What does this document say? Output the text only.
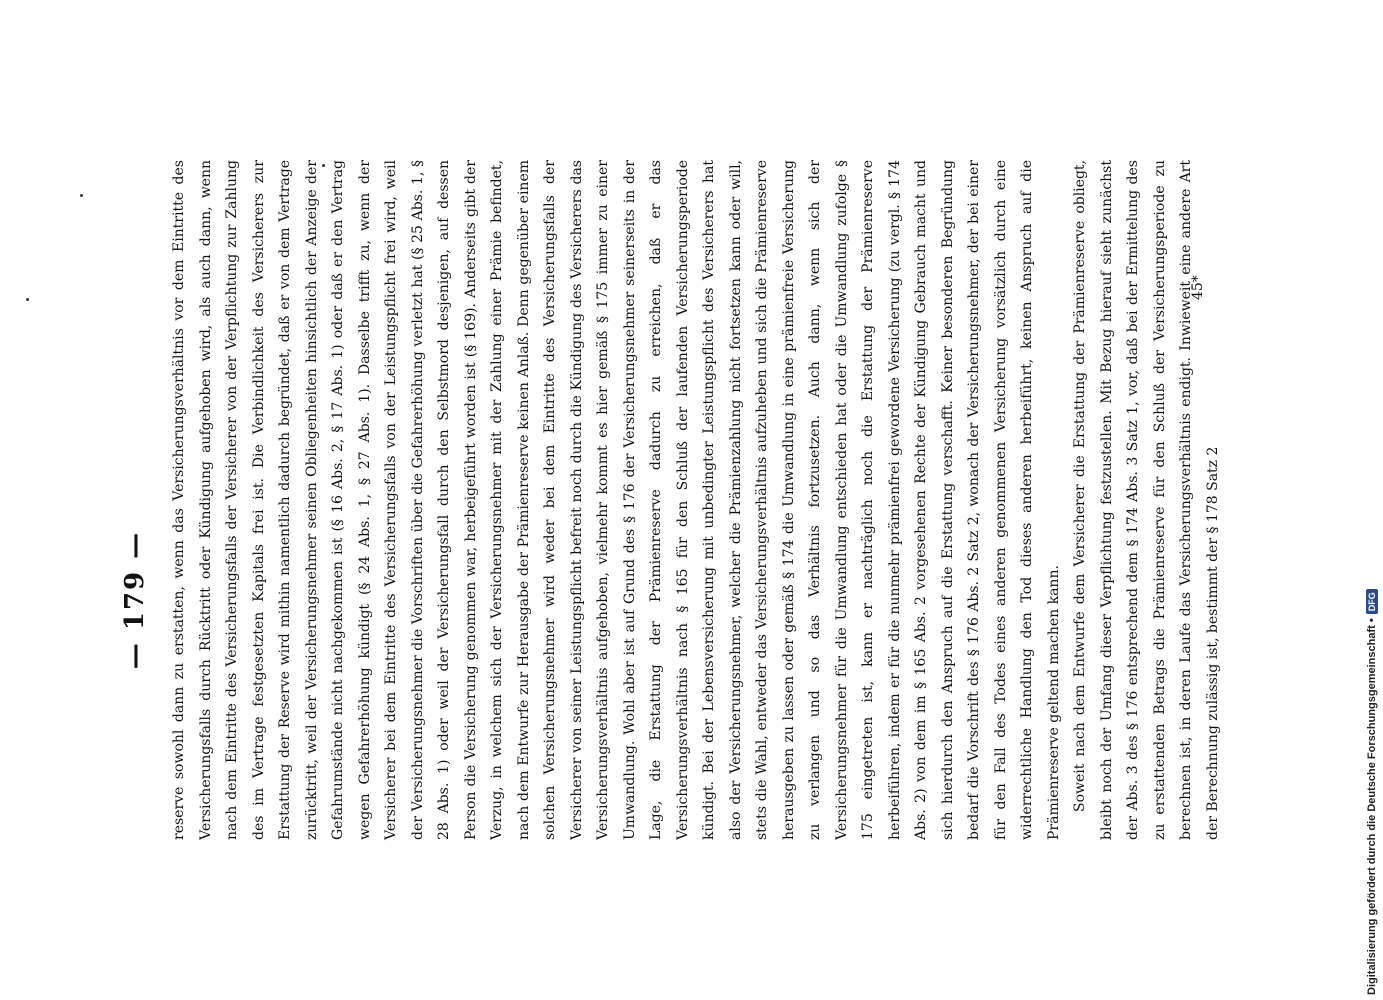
— 179 —	reserve sowohl dann zu erstatten, wenn das Versicherungsverhältnis vor dem Eintritte des Versicherungsfalls durch Rücktritt oder Kündigung aufgehoben wird, als auch dann, wenn nach dem Eintritte des Versicherungsfalls der Versicherer von der Verpflichtung zur Zahlung des im Vertrage festgesetzten Kapitals frei ist. Die Verbindlichkeit des Versicherers zur Erstattung der Reserve wird mithin namentlich dadurch begründet, daß er von dem Vertrage zurücktritt, weil der Versicherungsnehmer seinen Obliegenheiten hinsichtlich der Anzeige der Gefahrumstände nicht nachgekommen ist (§ 16 Abs. 2, § 17 Abs. 1) oder daß er den Vertrag wegen Gefahrerhöhung kündigt (§ 24 Abs. 1, § 27 Abs. 1). Dasselbe trifft zu, wenn der Versicherer bei dem Eintritte des Versicherungsfalls von der Leistungspflicht frei wird, weil der Versicherungsnehmer die Vorschriften über die Gefahrerhöhung verletzt hat (§ 25 Abs. 1, § 28 Abs. 1) oder weil der Versicherungsfall durch den Selbstmord desjenigen, auf dessen Person die Versicherung genommen war, herbeigeführt worden ist (§ 169). Anderseits gibt der Verzug, in welchem sich der Versicherungsnehmer mit der Zahlung einer Prämie befindet, nach dem Entwurfe zur Herausgabe der Prämienreserve keinen Anlaß. Denn gegenüber einem solchen Versicherungsnehmer wird weder bei dem Eintritte des Versicherungsfalls der Versicherer von seiner Leistungspflicht befreit noch durch die Kündigung des Versicherers das Versicherungsverhältnis aufgehoben, vielmehr kommt es hier gemäß § 175 immer zu einer Umwandlung. Wohl aber ist auf Grund des § 176 der Versicherungsnehmer seinerseits in der Lage, die Erstattung der Prämienreserve dadurch zu erreichen, daß er das Versicherungsverhältnis nach § 165 für den Schluß der laufenden Versicherungsperiode kündigt. Bei der Lebensversicherung mit unbedingter Leistungspflicht des Versicherers hat also der Versicherungsnehmer, welcher die Prämienzahlung nicht fortsetzen kann oder will, stets die Wahl, entweder das Versicherungsverhältnis aufzuheben und sich die Prämienreserve herausgeben zu lassen oder gemäß § 174 die Umwandlung in eine prämienfreie Versicherung zu verlangen und so das Verhältnis fortzusetzen. Auch dann, wenn sich der Versicherungsnehmer für die Umwandlung entschieden hat oder die Umwandlung zufolge § 175 eingetreten ist, kann er nachträglich noch die Erstattung der Prämienreserve herbeiführen, indem er für die nunmehr prämienfrei gewordene Versicherung (zu vergl. § 174 Abs. 2) von dem im § 165 Abs. 2 vorgesehenen Rechte der Kündigung Gebrauch macht und sich hierdurch den Anspruch auf die Erstattung verschafft. Keiner besonderen Begründung bedarf die Vorschrift des § 176 Abs. 2 Satz 2, wonach der Versicherungsnehmer, der bei einer für den Fall des Todes eines anderen genommenen Versicherung vorsätzlich durch eine widerrechtliche Handlung den Tod dieses anderen herbeiführt, keinen Anspruch auf die Prämienreserve geltend machen kann. Soweit nach dem Entwurfe dem Versicherer die Erstattung der Prämienreserve obliegt, bleibt noch der Umfang dieser Verpflichtung festzustellen. Mit Bezug hierauf sieht zunächst der Abs. 3 des § 176 entsprechend dem § 174 Abs. 3 Satz 1, vor, daß bei der Ermittelung des zu erstattenden Betrags die Prämienreserve für den Schluß der Versicherungsperiode zu berechnen ist, in deren Laufe das Versicherungsverhältnis endigt. Inwieweit eine andere Art der Berechnung zulässig ist, bestimmt der § 178 Satz 2

45*
Digitalisierung gefördert durch die Deutsche Forschungsgemeinschaft •
DFG
